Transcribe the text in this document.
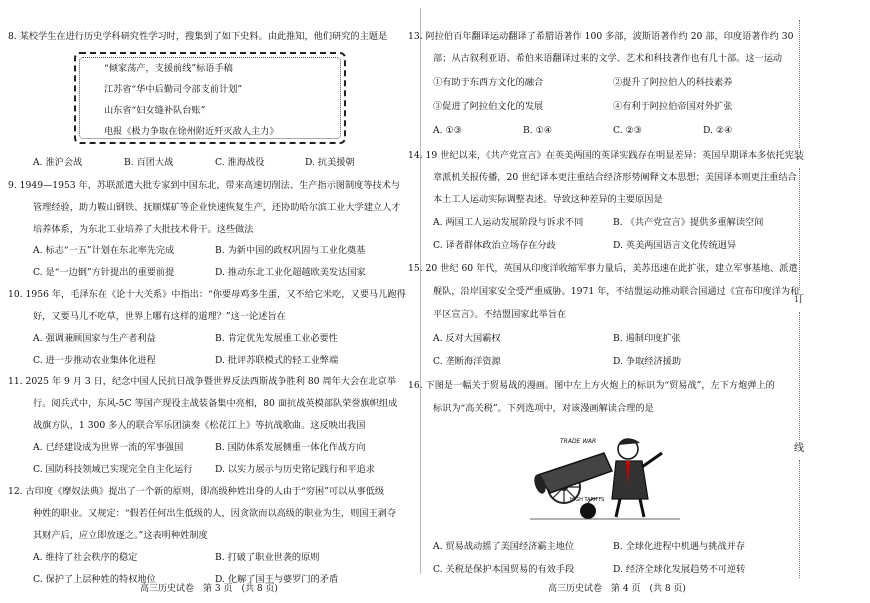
8. 某校学生在进行历史学科研究性学习时，搜集到了如下史料。由此推知，他们研究的主题是
“倾家荡产，支援前线”标语手稿
江苏省“华中后勤司令部支前计划”
山东省“妇女缝补队台账”
电报《极力争取在徐州附近歼灭敌人主力》
A. 淮沪会战	B. 百团大战	C. 淮海战役	D. 抗美援朝
9. 1949—1953 年，苏联派遣大批专家到中国东北，带来高速切削法、生产指示图制度等技术与
管理经验，助力鞍山钢铁、抚顺煤矿等企业快速恢复生产，还协助哈尔滨工业大学建立人才
培养体系，为东北工业培养了大批技术骨干。这些做法
A. 标志“一五”计划在东北率先完成	B. 为新中国的政权巩固与工业化奠基
C. 是“一边倒”方针提出的重要前提	D. 推动东北工业化超越欧美发达国家
10. 1956 年，毛泽东在《论十大关系》中指出：“你要母鸡多生蛋，又不给它米吃，又要马儿跑得
好，又要马儿不吃草，世界上哪有这样的道理？”这一论述旨在
A. 强调兼顾国家与生产者利益	B. 肯定优先发展重工业必要性
C. 进一步推动农业集体化进程	D. 批评苏联模式的轻工业弊端
11. 2025 年 9 月 3 日，纪念中国人民抗日战争暨世界反法西斯战争胜利 80 周年大会在北京举
行。阅兵式中，东风-5C 等国产现役主战装备集中亮相，80 面抗战英模部队荣誉旗帜组成
战旗方队，1 300 多人的联合军乐团演奏《松花江上》等抗战歌曲。这反映出我国
A. 已经建设成为世界一流的军事强国	B. 国防体系发展侧重一体化作战方向
C. 国防科技领域已实现完全自主化运行 D. 以实力展示与历史铭记践行和平追求
12. 古印度《摩奴法典》提出了一个新的原则，即高级种姓出身的人由于“穷困”可以从事低级
种姓的职业。又规定：“假若任何出生低级的人，因贪欲而以高级的职业为生，则国王剥夺
其财产后，应立即放逐之。”这表明种姓制度
A. 维持了社会秩序的稳定	B. 打破了职业世袭的原则
C. 保护了上层种姓的特权地位	D. 化解了国王与婆罗门的矛盾
高三历史试卷　第 3 页　(共 8 页)
13. 阿拉伯百年翻译运动翻译了希腊语著作 100 多部，波斯语著作约 20 部，印度语著作约 30
部；从古叙利亚语、希伯来语翻译过来的文学、艺术和科技著作也有几十部。这一运动
①有助于东西方文化的融合	②提升了阿拉伯人的科技素养
③促进了阿拉伯文化的发展	④有利于阿拉伯帝国对外扩张
A. ①③	B. ①④	C. ②③	D. ②④
14. 19 世纪以来，《共产党宣言》在英美两国的英译实践存在明显差异：英国早期译本多依托宪
章派机关报传播，20 世纪译本更注重结合经济形势阐释文本思想；美国译本则更注重结合
本土工人运动实际调整表述。导致这种差异的主要原因是
A. 两国工人运动发展阶段与诉求不同	B. 《共产党宣言》提供多重解读空间
C. 译者群体政治立场存在分歧	D. 英美两国语言文化传统迥异
15. 20 世纪 60 年代，英国从印度洋收缩军事力量后，美苏迅速在此扩张，建立军事基地、派遣
舰队，沿岸国家安全受严重威胁。1971 年，不结盟运动推动联合国通过《宣布印度洋为和
平区宣言》。不结盟国家此举旨在
A. 反对大国霸权	B. 遏制印度扩张
C. 垄断海洋资源	D. 争取经济援助
16. 下图是一幅关于贸易战的漫画。图中左上方火炮上的标识为“贸易战”，左下方炮弹上的
标识为“高关税”。下列选项中，对该漫画解读合理的是
TRADE WAR
HIGH TARIFFS
A. 贸易战动摇了美国经济霸主地位	B. 全球化进程中机遇与挑战并存
C. 关税是保护本国贸易的有效手段	D. 经济全球化发展趋势不可逆转
高三历史试卷　第 4 页　(共 8 页)
装
订
线
